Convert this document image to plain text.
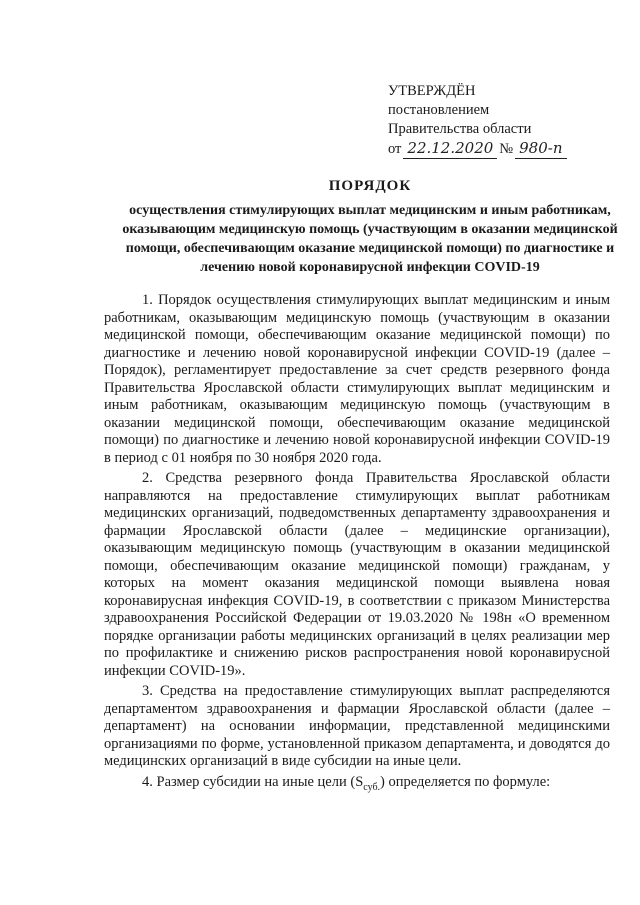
УТВЕРЖДЁН
постановлением
Правительства области
от 22.12.2020 № 980-п
ПОРЯДОК
осуществления стимулирующих выплат медицинским и иным работникам, оказывающим медицинскую помощь (участвующим в оказании медицинской помощи, обеспечивающим оказание медицинской помощи) по диагностике и лечению новой коронавирусной инфекции COVID-19

1. Порядок осуществления стимулирующих выплат медицинским и иным работникам, оказывающим медицинскую помощь (участвующим в оказании медицинской помощи, обеспечивающим оказание медицинской помощи) по диагностике и лечению новой коронавирусной инфекции COVID-19 (далее – Порядок), регламентирует предоставление за счет средств резервного фонда Правительства Ярославской области стимулирующих выплат медицинским и иным работникам, оказывающим медицинскую помощь (участвующим в оказании медицинской помощи, обеспечивающим оказание медицинской помощи) по диагностике и лечению новой коронавирусной инфекции COVID-19 в период с 01 ноября по 30 ноября 2020 года.

2. Средства резервного фонда Правительства Ярославской области направляются на предоставление стимулирующих выплат работникам медицинских организаций, подведомственных департаменту здравоохранения и фармации Ярославской области (далее – медицинские организации), оказывающим медицинскую помощь (участвующим в оказании медицинской помощи, обеспечивающим оказание медицинской помощи) гражданам, у которых на момент оказания медицинской помощи выявлена новая коронавирусная инфекция COVID-19, в соответствии с приказом Министерства здравоохранения Российской Федерации от 19.03.2020 № 198н «О временном порядке организации работы медицинских организаций в целях реализации мер по профилактике и снижению рисков распространения новой коронавирусной инфекции COVID-19».

3. Средства на предоставление стимулирующих выплат распределяются департаментом здравоохранения и фармации Ярославской области (далее – департамент) на основании информации, представленной медицинскими организациями по форме, установленной приказом департамента, и доводятся до медицинских организаций в виде субсидии на иные цели.

4. Размер субсидии на иные цели $(S_{суб.})$ определяется по формуле:
